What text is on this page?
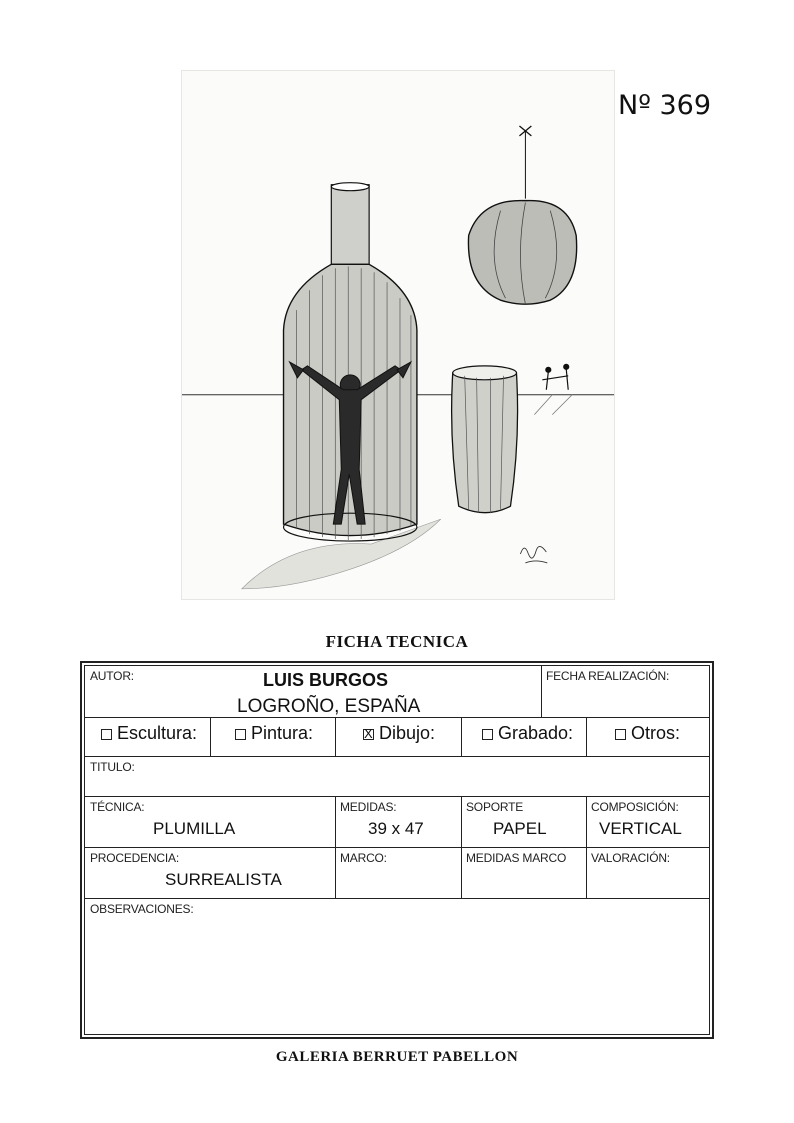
Nº 369
FICHA TECNICA
AUTOR:	LUIS BURGOS
LOGROÑO, ESPAÑA
FECHA REALIZACIÓN:
Escultura:	Pintura:
X	Dibujo:	Grabado:	Otros:
TITULO:
TÉCNICA:
PLUMILLA
MEDIDAS:
39 x 47
SOPORTE
PAPEL
COMPOSICIÓN:
VERTICAL
PROCEDENCIA:
SURREALISTA
MARCO:	MEDIDAS MARCO VALORACIÓN:
OBSERVACIONES:
GALERIA BERRUET PABELLON
